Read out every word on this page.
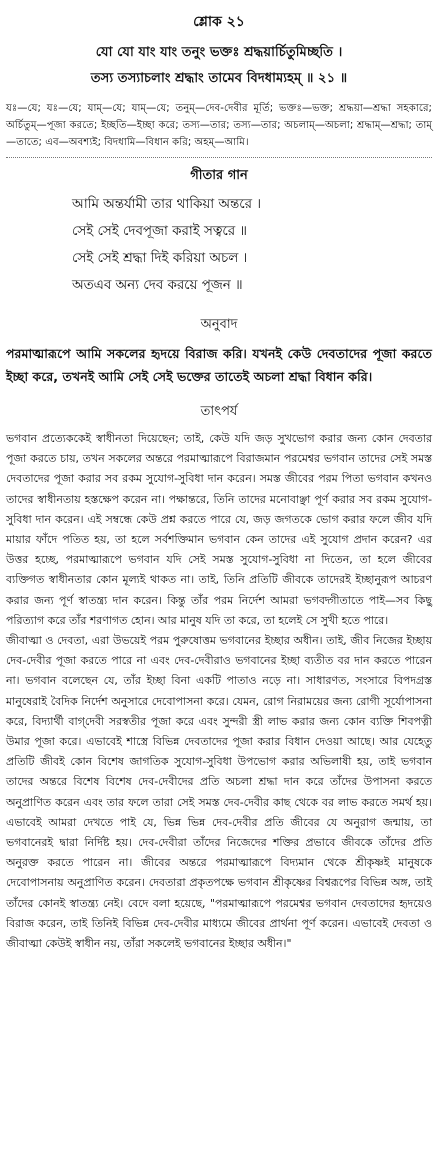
শ্লোক ২১
যো যো যাং যাং তনুং ভক্তঃ শ্রদ্ধয়ার্চিতুমিচ্ছতি ।
তস্য তস্যাচলাং শ্রদ্ধাং তামেব বিদধাম্যহম্ ॥ ২১ ॥
যঃ—যে; যঃ—যে; যাম্—যে; যাম্—যে; তনুম্—দেব-দেবীর মূর্তি; ভক্তঃ—ভক্ত; শ্রদ্ধয়া—শ্রদ্ধা সহকারে; অর্চিতুম্—পূজা করতে; ইচ্ছতি—ইচ্ছা করে; তস্য—তার; তস্য—তার; অচলাম্—অচলা; শ্রদ্ধাম্—শ্রদ্ধা; তাম্—তাতে; এব—অবশ্যই; বিদধামি—বিধান করি; অহম্—আমি।
গীতার গান
আমি অন্তর্যামী তার থাকিয়া অন্তরে ।
সেই সেই দেবপূজা করাই সত্বরে ॥
সেই সেই শ্রদ্ধা দিই করিয়া অচল ।
অতএব অন্য দেব করয়ে পূজন ॥
অনুবাদ
পরমাত্মারূপে আমি সকলের হৃদয়ে বিরাজ করি। যখনই কেউ দেবতাদের পূজা করতে ইচ্ছা করে, তখনই আমি সেই সেই ভক্তের তাতেই অচলা শ্রদ্ধা বিধান করি।
তাৎপর্য

ভগবান প্রত্যেককেই স্বাধীনতা দিয়েছেন; তাই, কেউ যদি জড় সুখভোগ করার জন্য কোন দেবতার পূজা করতে চায়, তখন সকলের অন্তরে পরমাত্মারূপে বিরাজমান পরমেশ্বর ভগবান তাদের সেই সমস্ত দেবতাদের পূজা করার সব রকম সুযোগ-সুবিধা দান করেন। সমস্ত জীবের পরম পিতা ভগবান কখনও তাদের স্বাধীনতায় হস্তক্ষেপ করেন না। পক্ষান্তরে, তিনি তাদের মনোবাঞ্ছা পূর্ণ করার সব রকম সুযোগ-সুবিধা দান করেন। এই সম্বন্ধে কেউ প্রশ্ন করতে পারে যে, জড় জগতকে ভোগ করার ফলে জীব যদি মায়ার ফাঁদে পতিত হয়, তা হলে সর্বশক্তিমান ভগবান কেন তাদের এই সুযোগ প্রদান করেন? এর উত্তর হচ্ছে, পরমাত্মারূপে ভগবান যদি সেই সমস্ত সুযোগ-সুবিধা না দিতেন, তা হলে জীবের ব্যক্তিগত স্বাধীনতার কোন মূল্যই থাকত না। তাই, তিনি প্রতিটি জীবকে তাদেরই ইচ্ছানুরূপ আচরণ করার জন্য পূর্ণ স্বাতন্ত্র্য দান করেন। কিন্তু তাঁর পরম নির্দেশ আমরা ভগবদ্গীতাতে পাই—সব কিছু পরিত্যাগ করে তাঁর শরণাগত হোন। আর মানুষ যদি তা করে, তা হলেই সে সুখী হতে পারে।

জীবাত্মা ও দেবতা, এরা উভয়েই পরম পুরুষোত্তম ভগবানের ইচ্ছার অধীন। তাই, জীব নিজের ইচ্ছায় দেব-দেবীর পূজা করতে পারে না এবং দেব-দেবীরাও ভগবানের ইচ্ছা ব্যতীত বর দান করতে পারেন না। ভগবান বলেছেন যে, তাঁর ইচ্ছা বিনা একটি পাতাও নড়ে না। সাধারণত, সংসারে বিপদগ্রস্ত মানুষেরাই বৈদিক নির্দেশ অনুসারে দেবোপাসনা করে। যেমন, রোগ নিরাময়ের জন্য রোগী সূর্যোপাসনা করে, বিদ্যার্থী বাগ্‌দেবী সরস্বতীর পূজা করে এবং সুন্দরী স্ত্রী লাভ করার জন্য কোন ব্যক্তি শিবপত্নী উমার পূজা করে। এভাবেই শাস্ত্রে বিভিন্ন দেবতাদের পূজা করার বিধান দেওয়া আছে। আর যেহেতু প্রতিটি জীবই কোন বিশেষ জাগতিক সুযোগ-সুবিধা উপভোগ করার অভিলাষী হয়, তাই ভগবান তাদের অন্তরে বিশেষ বিশেষ দেব-দেবীদের প্রতি অচলা শ্রদ্ধা দান করে তাঁদের উপাসনা করতে অনুপ্রাণিত করেন এবং তার ফলে তারা সেই সমস্ত দেব-দেবীর কাছ থেকে বর লাভ করতে সমর্থ হয়। এভাবেই আমরা দেখতে পাই যে, ভিন্ন ভিন্ন দেব-দেবীর প্রতি জীবের যে অনুরাগ জন্মায়, তা ভগবানেরই দ্বারা নির্দিষ্ট হয়। দেব-দেবীরা তাঁদের নিজেদের শক্তির প্রভাবে জীবকে তাঁদের প্রতি অনুরক্ত করতে পারেন না। জীবের অন্তরে পরমাত্মারূপে বিদ্যমান থেকে শ্রীকৃষ্ণই মানুষকে দেবোপাসনায় অনুপ্রাণিত করেন। দেবতারা প্রকৃতপক্ষে ভগবান শ্রীকৃষ্ণের বিশ্বরূপের বিভিন্ন অঙ্গ, তাই তাঁদের কোনই স্বাতন্ত্র্য নেই। বেদে বলা হয়েছে, "পরমাত্মারূপে পরমেশ্বর ভগবান দেবতাদের হৃদয়েও বিরাজ করেন, তাই তিনিই বিভিন্ন দেব-দেবীর মাধ্যমে জীবের প্রার্থনা পূর্ণ করেন। এভাবেই দেবতা ও জীবাত্মা কেউই স্বাধীন নয়, তাঁরা সকলেই ভগবানের ইচ্ছার অধীন।"
